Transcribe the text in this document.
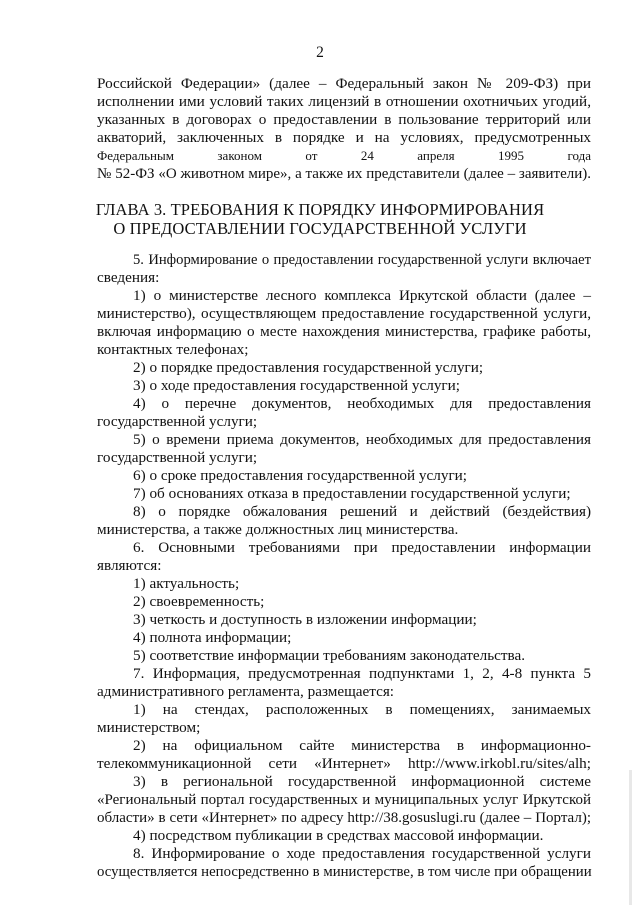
2
Российской Федерации» (далее – Федеральный закон № 209-ФЗ) при
исполнении ими условий таких лицензий в отношении охотничьих угодий,
указанных в договорах о предоставлении в пользование территорий или
акваторий, заключенных в порядке и на условиях, предусмотренных
Федеральным законом от 24 апреля 1995 года
№ 52-ФЗ «О животном мире», а также их представители (далее – заявители).
ГЛАВА 3. ТРЕБОВАНИЯ К ПОРЯДКУ ИНФОРМИРОВАНИЯ
О ПРЕДОСТАВЛЕНИИ ГОСУДАРСТВЕННОЙ УСЛУГИ
5. Информирование о предоставлении государственной услуги включает
сведения:
1) о министерстве лесного комплекса Иркутской области (далее –
министерство), осуществляющем предоставление государственной услуги,
включая информацию о месте нахождения министерства, графике работы,
контактных телефонах;
2) о порядке предоставления государственной услуги;
3) о ходе предоставления государственной услуги;
4) о перечне документов, необходимых для предоставления
государственной услуги;
5) о времени приема документов, необходимых для предоставления
государственной услуги;
6) о сроке предоставления государственной услуги;
7) об основаниях отказа в предоставлении государственной услуги;
8) о порядке обжалования решений и действий (бездействия)
министерства, а также должностных лиц министерства.
6. Основными требованиями при предоставлении информации
являются:
1) актуальность;
2) своевременность;
3) четкость и доступность в изложении информации;
4) полнота информации;
5) соответствие информации требованиям законодательства.
7. Информация, предусмотренная подпунктами 1, 2, 4-8 пункта 5
административного регламента, размещается:
1) на стендах, расположенных в помещениях, занимаемых
министерством;
2) на официальном сайте министерства в информационно-
телекоммуникационной сети «Интернет» http://www.irkobl.ru/sites/alh;
3) в региональной государственной информационной системе
«Региональный портал государственных и муниципальных услуг Иркутской
области» в сети «Интернет» по адресу http://38.gosuslugi.ru (далее – Портал);
4) посредством публикации в средствах массовой информации.
8. Информирование о ходе предоставления государственной услуги
осуществляется непосредственно в министерстве, в том числе при обращении
